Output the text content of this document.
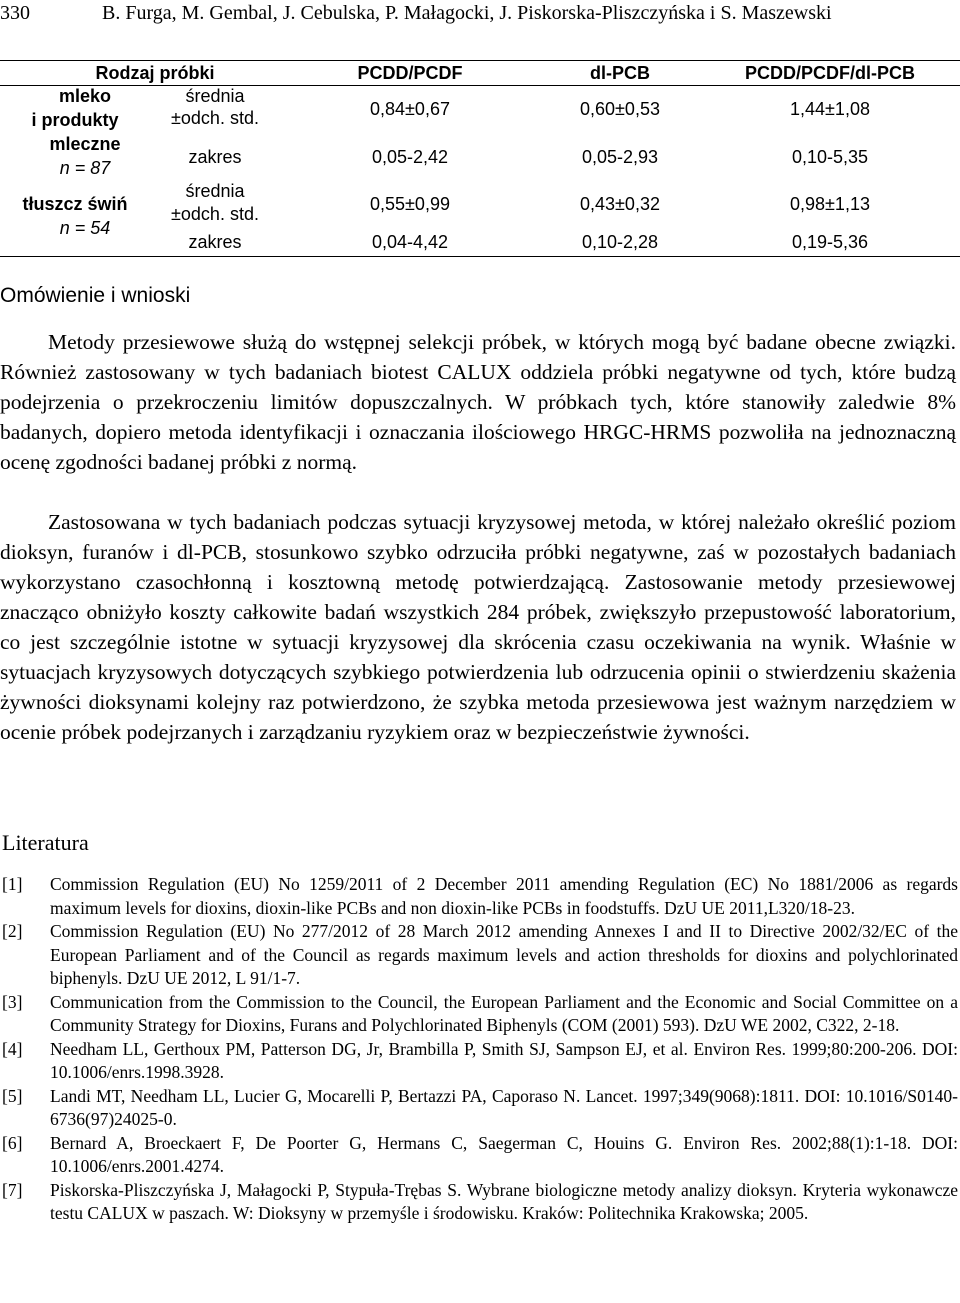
330	B. Furga, M. Gembal, J. Cebulska, P. Małagocki, J. Piskorska-Pliszczyńska i S. Maszewski
Rodzaj próbki	PCDD/PCDF	dl-PCB	PCDD/PCDF/dl-PCB
mleko
i produkty
mleczne
n = 87
średnia
±odch. std.	0,84±0,67	0,60±0,53	1,44±1,08
zakres	0,05-2,42	0,05-2,93	0,10-5,35
tłuszcz świń
n = 54
średnia
±odch. std.	0,55±0,99	0,43±0,32	0,98±1,13
zakres	0,04-4,42	0,10-2,28	0,19-5,36
Omówienie i wnioski

Metody przesiewowe służą do wstępnej selekcji próbek, w których mogą być badane obecne związki. Również zastosowany w tych badaniach biotest CALUX oddziela próbki negatywne od tych, które budzą podejrzenia o przekroczeniu limitów dopuszczalnych. W próbkach tych, które stanowiły zaledwie 8% badanych, dopiero metoda identyfikacji i oznaczania ilościowego HRGC-HRMS pozwoliła na jednoznaczną ocenę zgodności badanej próbki z normą.

Zastosowana w tych badaniach podczas sytuacji kryzysowej metoda, w której należało określić poziom dioksyn, furanów i dl-PCB, stosunkowo szybko odrzuciła próbki negatywne, zaś w pozostałych badaniach wykorzystano czasochłonną i kosztowną metodę potwierdzającą. Zastosowanie metody przesiewowej znacząco obniżyło koszty całkowite badań wszystkich 284 próbek, zwiększyło przepustowość laboratorium, co jest szczególnie istotne w sytuacji kryzysowej dla skrócenia czasu oczekiwania na wynik. Właśnie w sytuacjach kryzysowych dotyczących szybkiego potwierdzenia lub odrzucenia opinii o stwierdzeniu skażenia żywności dioksynami kolejny raz potwierdzono, że szybka metoda przesiewowa jest ważnym narzędziem w ocenie próbek podejrzanych i zarządzaniu ryzykiem oraz w bezpieczeństwie żywności.

Literatura
[1] Commission Regulation (EU) No 1259/2011 of 2 December 2011 amending Regulation (EC) No 1881/2006 as regards maximum levels for dioxins, dioxin-like PCBs and non dioxin-like PCBs in foodstuffs. DzU UE 2011,L320/18-23.
[2] Commission Regulation (EU) No 277/2012 of 28 March 2012 amending Annexes I and II to Directive 2002/32/EC of the European Parliament and of the Council as regards maximum levels and action thresholds for dioxins and polychlorinated biphenyls. DzU UE 2012, L 91/1-7.
[3] Communication from the Commission to the Council, the European Parliament and the Economic and Social Committee on a Community Strategy for Dioxins, Furans and Polychlorinated Biphenyls (COM (2001) 593). DzU WE 2002, C322, 2-18.
[4] Needham LL, Gerthoux PM, Patterson DG, Jr, Brambilla P, Smith SJ, Sampson EJ, et al. Environ Res. 1999;80:200-206. DOI: 10.1006/enrs.1998.3928.
[5] Landi MT, Needham LL, Lucier G, Mocarelli P, Bertazzi PA, Caporaso N. Lancet. 1997;349(9068):1811. DOI: 10.1016/S0140-6736(97)24025-0.
[6] Bernard A, Broeckaert F, De Poorter G, Hermans C, Saegerman C, Houins G. Environ Res. 2002;88(1):1-18. DOI: 10.1006/enrs.2001.4274.
[7] Piskorska-Pliszczyńska J, Małagocki P, Stypuła-Trębas S. Wybrane biologiczne metody analizy dioksyn. Kryteria wykonawcze testu CALUX w paszach. W: Dioksyny w przemyśle i środowisku. Kraków: Politechnika Krakowska; 2005.
